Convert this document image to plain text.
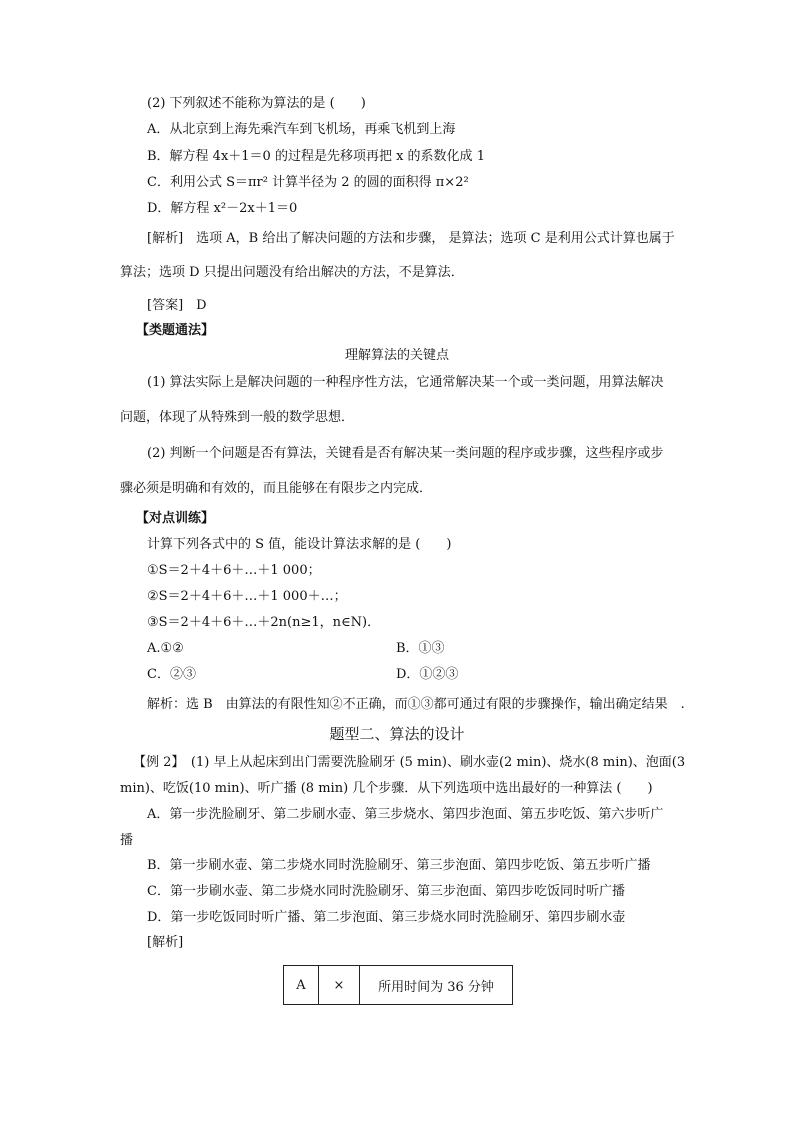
(2) 下列叙述不能称为算法的是 (　　)
A．从北京到上海先乘汽车到飞机场，再乘飞机到上海
B．解方程 4x＋1＝0 的过程是先移项再把 x 的系数化成 1
C．利用公式 S＝πr² 计算半径为 2 的圆的面积得 π×2²
D．解方程 x²－2x＋1＝0
[解析]　选项 A，B 给出了解决问题的方法和步骤， 是算法；选项 C 是利用公式计算也属于
算法；选项 D 只提出问题没有给出解决的方法，不是算法．
[答案]　D
【类题通法】
理解算法的关键点
(1) 算法实际上是解决问题的一种程序性方法，它通常解决某一个或一类问题，用算法解决
问题，体现了从特殊到一般的数学思想．
(2) 判断一个问题是否有算法，关键看是否有解决某一类问题的程序或步骤，这些程序或步
骤必须是明确和有效的，而且能够在有限步之内完成．
【对点训练】
计算下列各式中的 S 值，能设计算法求解的是 (　　)
①S＝2＋4＋6＋…＋1 000；
②S＝2＋4＋6＋…＋1 000＋…；
③S＝2＋4＋6＋…＋2n(n≥1，n∈N)．
A.①②	B．①③
C．②③	D．①②③
解析：选 B　由算法的有限性知②不正确，而①③都可通过有限的步骤操作，输出确定结果　.
题型二、算法的设计
【例 2】　(1) 早上从起床到出门需要洗脸刷牙 (5 min)、刷水壶(2 min)、烧水(8 min)、泡面(3
min)、吃饭(10 min)、听广播 (8 min) 几个步骤．从下列选项中选出最好的一种算法 (　　)
A．第一步洗脸刷牙、第二步刷水壶、第三步烧水、第四步泡面、第五步吃饭、第六步听广
播
B．第一步刷水壶、第二步烧水同时洗脸刷牙、第三步泡面、第四步吃饭、第五步听广播
C．第一步刷水壶、第二步烧水同时洗脸刷牙、第三步泡面、第四步吃饭同时听广播
D．第一步吃饭同时听广播、第二步泡面、第三步烧水同时洗脸刷牙、第四步刷水壶
[解析]
A	×	所用时间为 36 分钟
